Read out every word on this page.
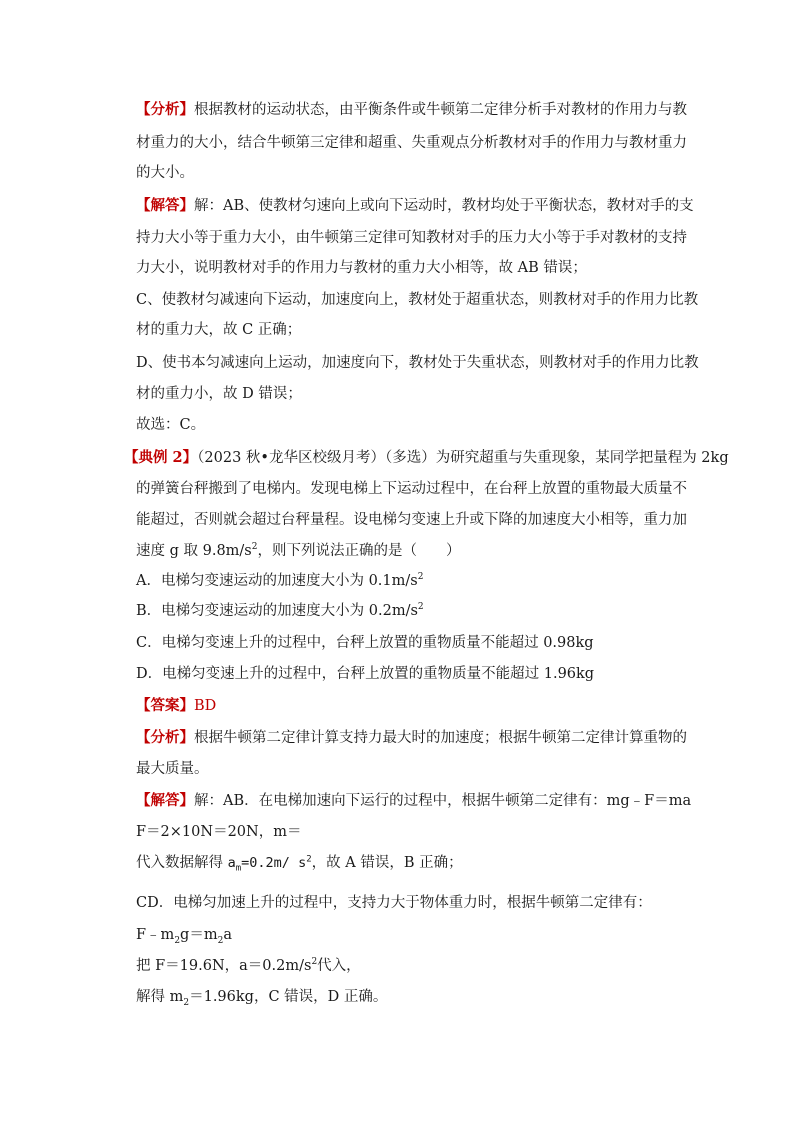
【分析】根据教材的运动状态，由平衡条件或牛顿第二定律分析手对教材的作用力与教
材重力的大小，结合牛顿第三定律和超重、失重观点分析教材对手的作用力与教材重力
的大小。
【解答】解：AB、使教材匀速向上或向下运动时，教材均处于平衡状态，教材对手的支
持力大小等于重力大小，由牛顿第三定律可知教材对手的压力大小等于手对教材的支持
力大小，说明教材对手的作用力与教材的重力大小相等，故 AB 错误；
C、使教材匀减速向下运动，加速度向上，教材处于超重状态，则教材对手的作用力比教
材的重力大，故 C 正确；
D、使书本匀减速向上运动，加速度向下，教材处于失重状态，则教材对手的作用力比教
材的重力小，故 D 错误；
故选：C。
【典例 2】（2023 秋•龙华区校级月考）（多选）为研究超重与失重现象，某同学把量程为 2kg
的弹簧台秤搬到了电梯内。发现电梯上下运动过程中，在台秤上放置的重物最大质量不
能超过，否则就会超过台秤量程。设电梯匀变速上升或下降的加速度大小相等，重力加
速度 g 取 $9.8m/s^2$，则下列说法正确的是（　　）
A．电梯匀变速运动的加速度大小为 $0.1m/s^2$
B．电梯匀变速运动的加速度大小为 $0.2m/s^2$
C．电梯匀变速上升的过程中，台秤上放置的重物质量不能超过 0.98kg
D．电梯匀变速上升的过程中，台秤上放置的重物质量不能超过 1.96kg
【答案】BD
【分析】根据牛顿第二定律计算支持力最大时的加速度；根据牛顿第二定律计算重物的
最大质量。
【解答】解：AB．在电梯加速向下运行的过程中，根据牛顿第二定律有：mg﹣F＝ma
F＝2×10N＝20N，m＝
代入数据解得 $a_m=0.2m/$ $s^2$，故 A 错误，B 正确；
CD．电梯匀加速上升的过程中，支持力大于物体重力时，根据牛顿第二定律有：
$F﹣m_2g=m_2a$
把 F＝19.6N，$a=0.2m/s^2$代入，
解得 $m_2=1.96kg$，C 错误，D 正确。
